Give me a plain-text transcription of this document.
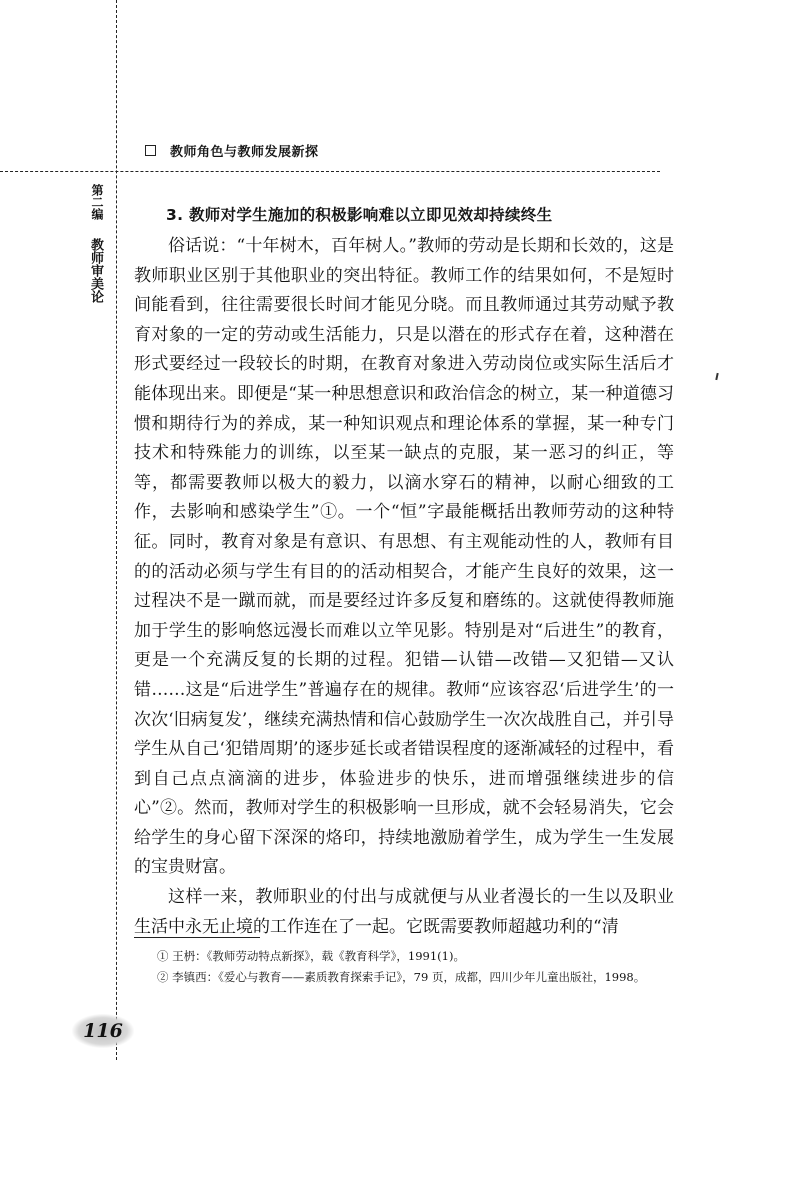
教师角色与教师发展新探
第二编
教师审美论
3. 教师对学生施加的积极影响难以立即见效却持续终生

俗话说：“十年树木，百年树人。”教师的劳动是长期和长效的，这是教师职业区别于其他职业的突出特征。教师工作的结果如何，不是短时间能看到，往往需要很长时间才能见分晓。而且教师通过其劳动赋予教育对象的一定的劳动或生活能力，只是以潜在的形式存在着，这种潜在形式要经过一段较长的时期，在教育对象进入劳动岗位或实际生活后才能体现出来。即便是“某一种思想意识和政治信念的树立，某一种道德习惯和期待行为的养成，某一种知识观点和理论体系的掌握，某一种专门技术和特殊能力的训练，以至某一缺点的克服，某一恶习的纠正，等等，都需要教师以极大的毅力，以滴水穿石的精神，以耐心细致的工作，去影响和感染学生”①。一个“恒”字最能概括出教师劳动的这种特征。同时，教育对象是有意识、有思想、有主观能动性的人，教师有目的的活动必须与学生有目的的活动相契合，才能产生良好的效果，这一过程决不是一蹴而就，而是要经过许多反复和磨练的。这就使得教师施加于学生的影响悠远漫长而难以立竿见影。特别是对“后进生”的教育，更是一个充满反复的长期的过程。犯错—认错—改错—又犯错—又认错……这是“后进学生”普遍存在的规律。教师“应该容忍‘后进学生’的一次次‘旧病复发’，继续充满热情和信心鼓励学生一次次战胜自己，并引导学生从自己‘犯错周期’的逐步延长或者错误程度的逐渐减轻的过程中，看到自己点点滴滴的进步，体验进步的快乐，进而增强继续进步的信心”②。然而，教师对学生的积极影响一旦形成，就不会轻易消失，它会给学生的身心留下深深的烙印，持续地激励着学生，成为学生一生发展的宝贵财富。

这样一来，教师职业的付出与成就便与从业者漫长的一生以及职业生活中永无止境的工作连在了一起。它既需要教师超越功利的“清

① 王枬：《教师劳动特点新探》，载《教育科学》，1991(1)。
② 李镇西：《爱心与教育——素质教育探索手记》，79 页，成都，四川少年儿童出版社，1998。
116
